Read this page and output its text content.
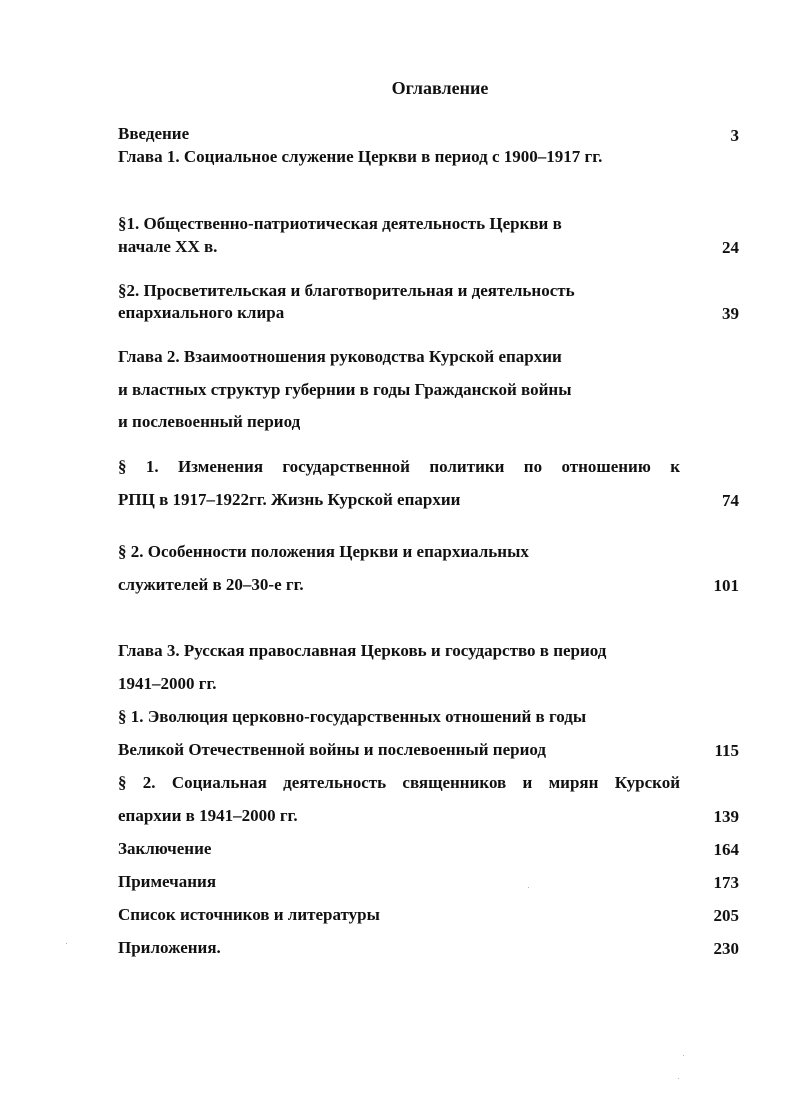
Оглавление
Введение	3
Глава 1. Социальное служение Церкви в период с 1900–1917 гг.
§1. Общественно-патриотическая деятельность Церкви в
начале XX в.	24
§2. Просветительская и благотворительная и деятельность
епархиального клира	39
Глава 2. Взаимоотношения руководства Курской епархии
и властных структур губернии в годы Гражданской войны
и послевоенный период
§ 1. Изменения государственной политики по отношению к
РПЦ в 1917–1922гг. Жизнь Курской епархии	74
§ 2. Особенности положения Церкви и епархиальных
служителей в 20–30-е гг.	101
Глава 3. Русская православная Церковь и государство в период
1941–2000 гг.
§ 1. Эволюция церковно-государственных отношений в годы
Великой Отечественной войны и послевоенный период	115
§ 2. Социальная деятельность священников и мирян Курской
епархии в 1941–2000 гг.	139
Заключение	164
Примечания	173
Список источников и литературы	205
Приложения.	230
